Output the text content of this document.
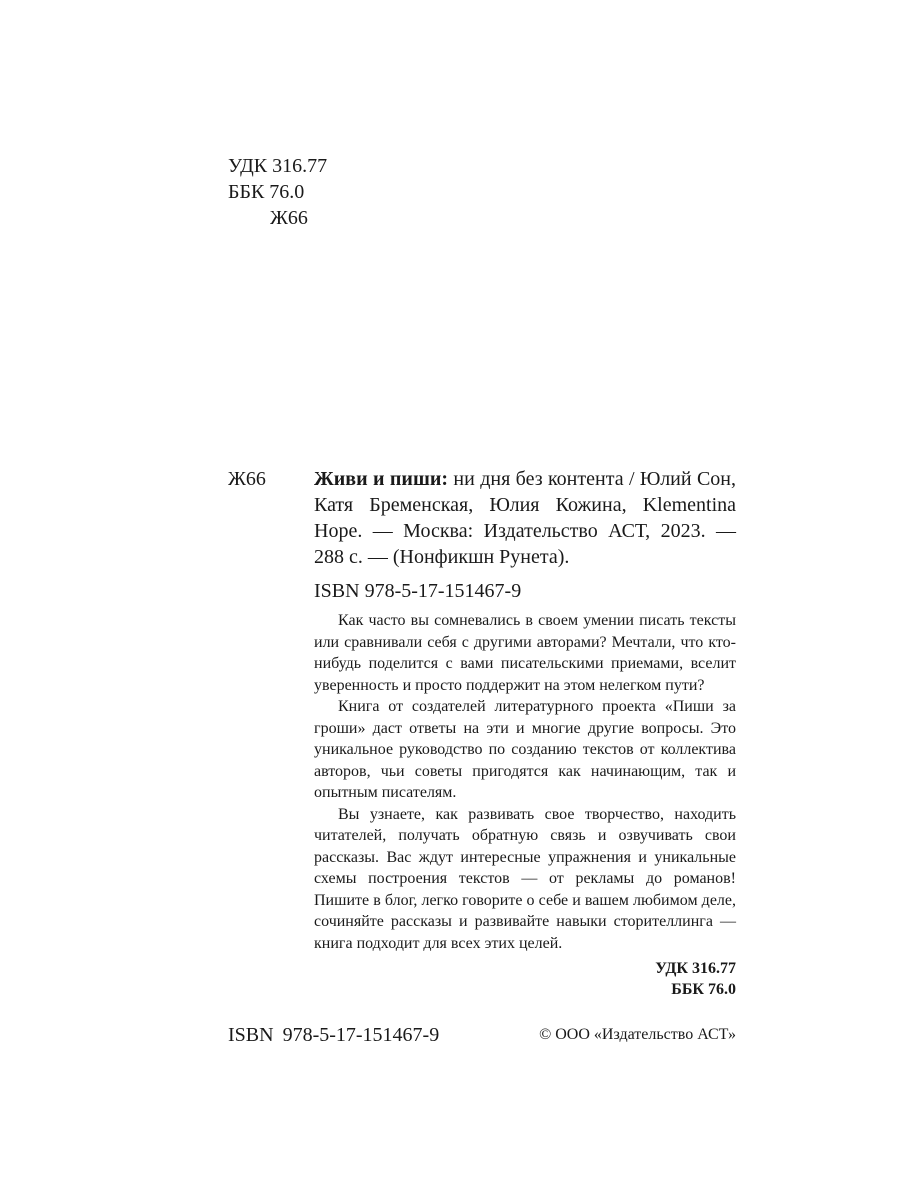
УДК 316.77
ББК 76.0
Ж66
Ж66 Живи и пиши: ни дня без контента / Юлий Сон, Катя Бременская, Юлия Кожина, Klementina Hope. — Москва: Издательство АСТ, 2023. — 288 с. — (Нонфикшн Рунета).

ISBN 978-5-17-151467-9

Как часто вы сомневались в своем умении писать тексты или сравнивали себя с другими авторами? Мечтали, что кто-нибудь поделится с вами писательскими приемами, вселит уверенность и просто поддержит на этом нелегком пути?

Книга от создателей литературного проекта «Пиши за гроши» даст ответы на эти и многие другие вопросы. Это уникальное руководство по созданию текстов от коллектива авторов, чьи советы пригодятся как начинающим, так и опытным писателям.

Вы узнаете, как развивать свое творчество, находить читателей, получать обратную связь и озвучивать свои рассказы. Вас ждут интересные упражнения и уникальные схемы построения текстов — от рекламы до романов! Пишите в блог, легко говорите о себе и вашем любимом деле, сочиняйте рассказы и развивайте навыки сторителлинга — книга подходит для всех этих целей.

УДК 316.77
ББК 76.0
ISBN 978-5-17-151467-9	© ООО «Издательство АСТ»
